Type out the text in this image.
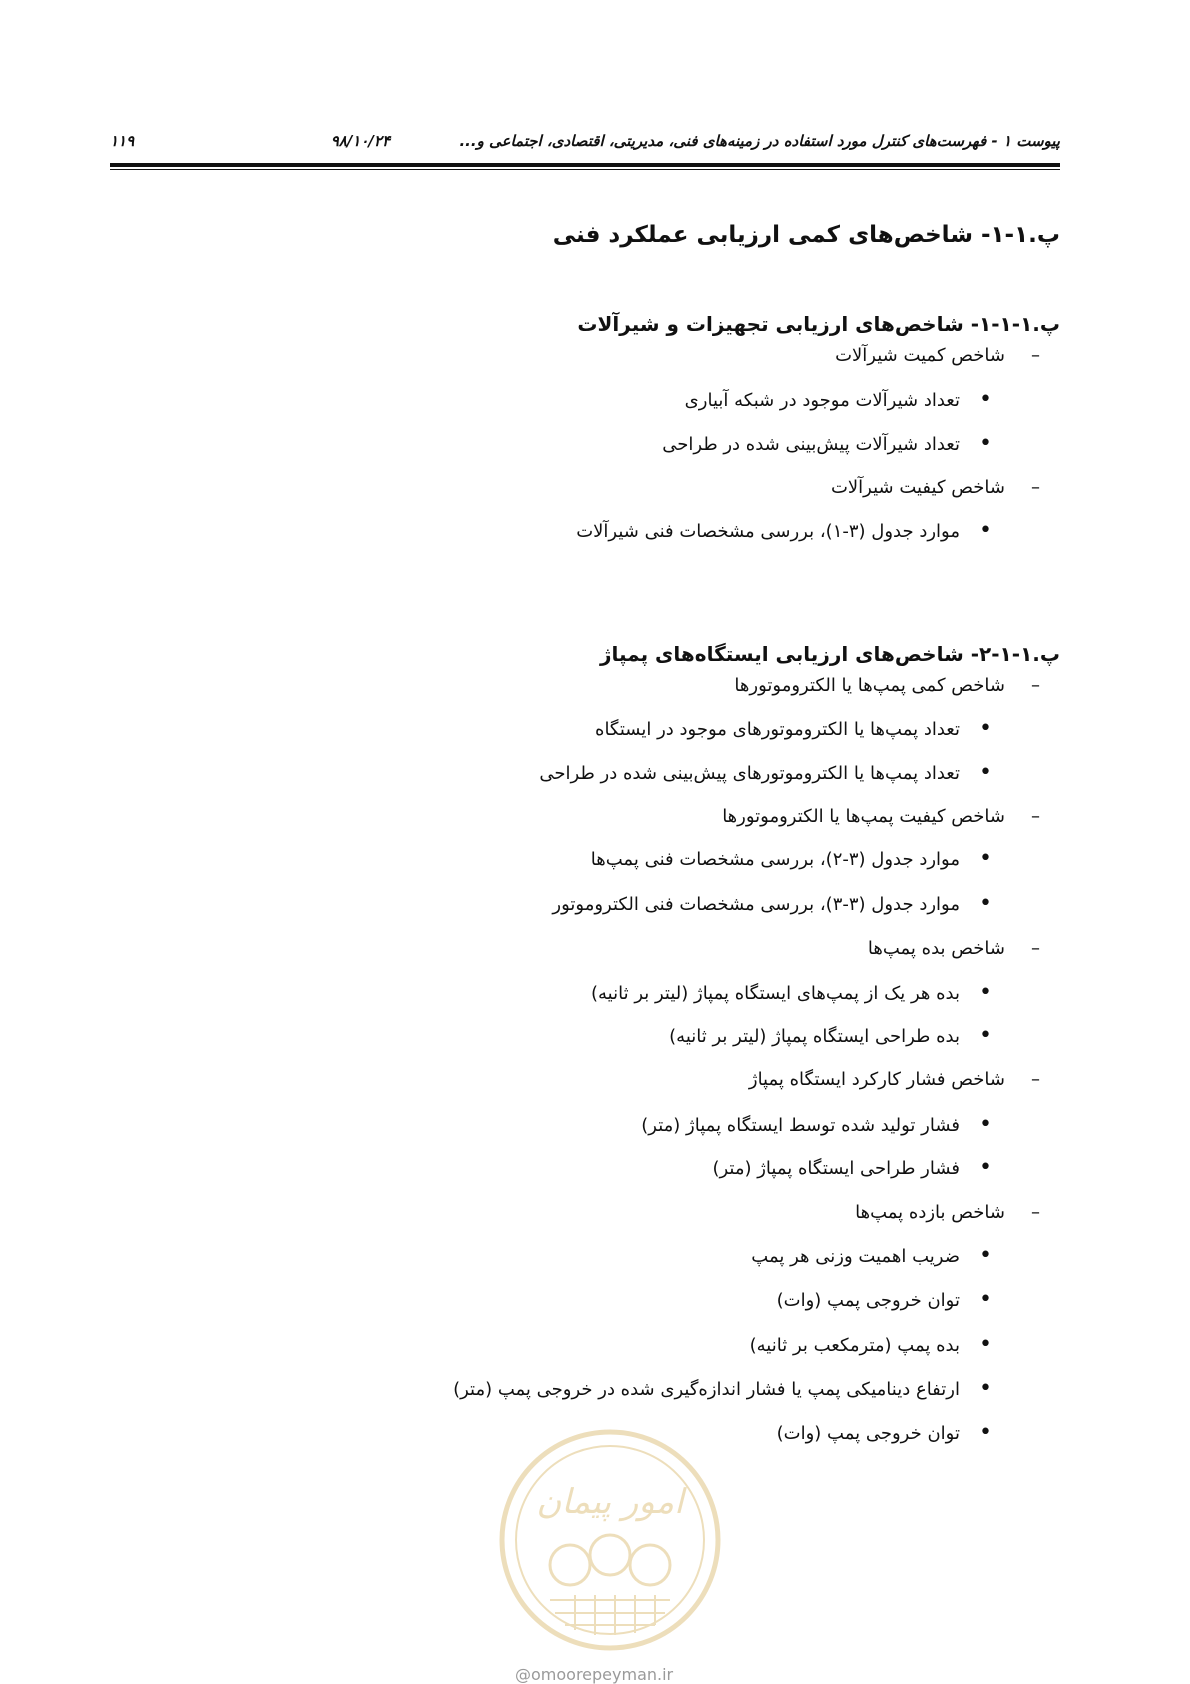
پیوست ۱ - فهرست‌های کنترل مورد استفاده در زمینه‌های فنی، مدیریتی، اقتصادی، اجتماعی و...
۹۸/۱۰/۲۴
۱۱۹
پ.۱-۱- شاخص‌های کمی ارزیابی عملکرد فنی
پ.۱-۱-۱- شاخص‌های ارزیابی تجهیزات و شیرآلات
پ.۱-۱-۲- شاخص‌های ارزیابی ایستگاه‌های پمپاژ
–
شاخص کمیت شیرآلات
•
تعداد شیرآلات موجود در شبکه آبیاری
•
تعداد شیرآلات پیش‌بینی شده در طراحی
–
شاخص کیفیت شیرآلات
•
موارد جدول (۳-۱)، بررسی مشخصات فنی شیرآلات
–
شاخص کمی پمپ‌ها یا الکتروموتورها
•
تعداد پمپ‌ها یا الکتروموتورهای موجود در ایستگاه
•
تعداد پمپ‌ها یا الکتروموتورهای پیش‌بینی شده در طراحی
–
شاخص کیفیت پمپ‌ها یا الکتروموتورها
•
موارد جدول (۳-۲)، بررسی مشخصات فنی پمپ‌ها
•
موارد جدول (۳-۳)، بررسی مشخصات فنی الکتروموتور
–
شاخص بده پمپ‌ها
•
بده هر یک از پمپ‌های ایستگاه پمپاژ (لیتر بر ثانیه)
•
بده طراحی ایستگاه پمپاژ (لیتر بر ثانیه)
–
شاخص فشار کارکرد ایستگاه پمپاژ
•
فشار تولید شده توسط ایستگاه پمپاژ (متر)
•
فشار طراحی ایستگاه پمپاژ (متر)
–
شاخص بازده پمپ‌ها
•
ضریب اهمیت وزنی هر پمپ
•
توان خروجی پمپ (وات)
•
بده پمپ (مترمکعب بر ثانیه)
•
ارتفاع دینامیکی پمپ یا فشار اندازه‌گیری شده در خروجی پمپ (متر)
•
توان خروجی پمپ (وات)
امور پیمان
@omoorepeyman.ir
